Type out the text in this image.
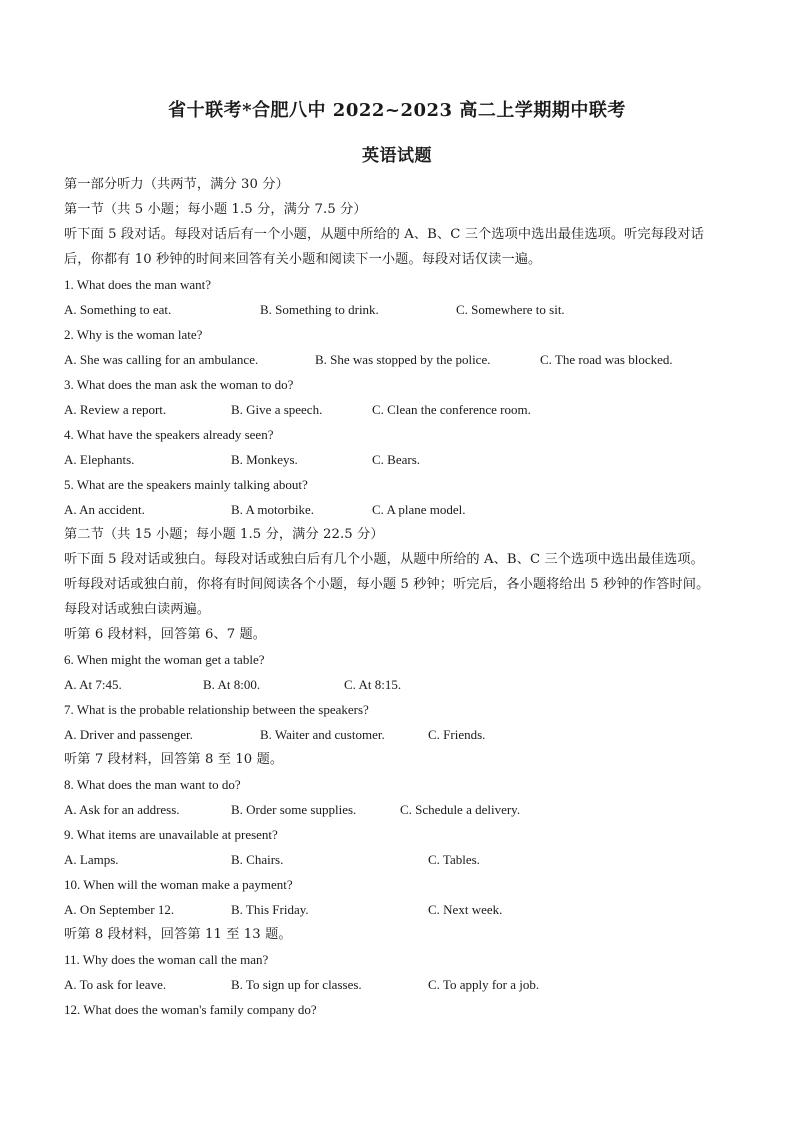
省十联考*合肥八中 2022~2023 高二上学期期中联考
英语试题
第一部分听力（共两节，满分 30 分）
第一节（共 5 小题；每小题 1.5 分，满分 7.5 分）
听下面 5 段对话。每段对话后有一个小题，从题中所给的 A、B、C 三个选项中选出最佳选项。听完每段对话
后，你都有 10 秒钟的时间来回答有关小题和阅读下一小题。每段对话仅读一遍。
1. What does the man want?
A. Something to eat.	B. Something to drink.	C. Somewhere to sit.
2. Why is the woman late?
A. She was calling for an ambulance.	B. She was stopped by the police.	C. The road was blocked.
3. What does the man ask the woman to do?
A. Review a report.	B. Give a speech.	C. Clean the conference room.
4. What have the speakers already seen?
A. Elephants.	B. Monkeys.	C. Bears.
5. What are the speakers mainly talking about?
A. An accident.	B. A motorbike.	C. A plane model.
第二节（共 15 小题；每小题 1.5 分，满分 22.5 分）
听下面 5 段对话或独白。每段对话或独白后有几个小题，从题中所给的 A、B、C 三个选项中选出最佳选项。
听每段对话或独白前，你将有时间阅读各个小题，每小题 5 秒钟；听完后，各小题将给出 5 秒钟的作答时间。
每段对话或独白读两遍。
听第 6 段材料，回答第 6、7 题。
6. When might the woman get a table?
A. At 7:45.	B. At 8:00.	C. At 8:15.
7. What is the probable relationship between the speakers?
A. Driver and passenger.	B. Waiter and customer.	C. Friends.
听第 7 段材料，回答第 8 至 10 题。
8. What does the man want to do?
A. Ask for an address.	B. Order some supplies.	C. Schedule a delivery.
9. What items are unavailable at present?
A. Lamps.	B. Chairs.	C. Tables.
10. When will the woman make a payment?
A. On September 12.	B. This Friday.	C. Next week.
听第 8 段材料，回答第 11 至 13 题。
11. Why does the woman call the man?
A. To ask for leave.	B. To sign up for classes.	C. To apply for a job.
12. What does the woman's family company do?
